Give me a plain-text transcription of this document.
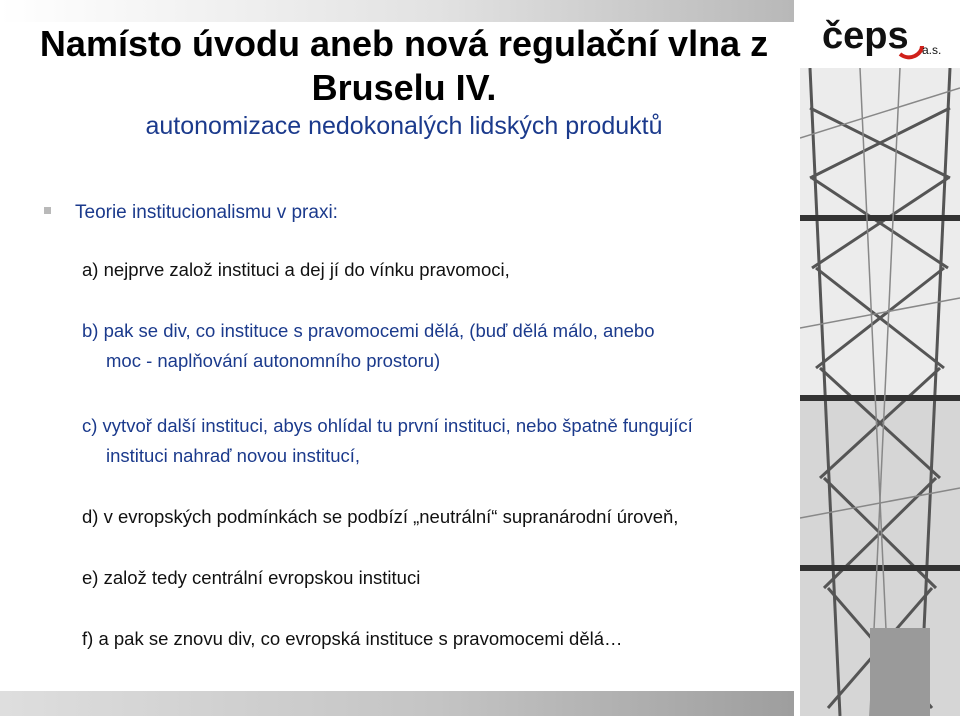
čeps a.s.
Namísto úvodu aneb nová regulační vlna z
Bruselu IV.
autonomizace nedokonalých lidských produktů
Teorie institucionalismu v praxi:
a) nejprve založ instituci a dej jí do vínku pravomoci,
b) pak se div, co instituce s pravomocemi dělá, (buď dělá málo, anebo
moc - naplňování autonomního prostoru)
c) vytvoř další instituci, abys ohlídal tu první instituci, nebo špatně fungující
instituci nahraď novou institucí,
d) v evropských podmínkách se podbízí „neutrální“ supranárodní úroveň,
e) založ tedy centrální evropskou instituci
f) a pak se znovu div, co evropská instituce s pravomocemi dělá…
